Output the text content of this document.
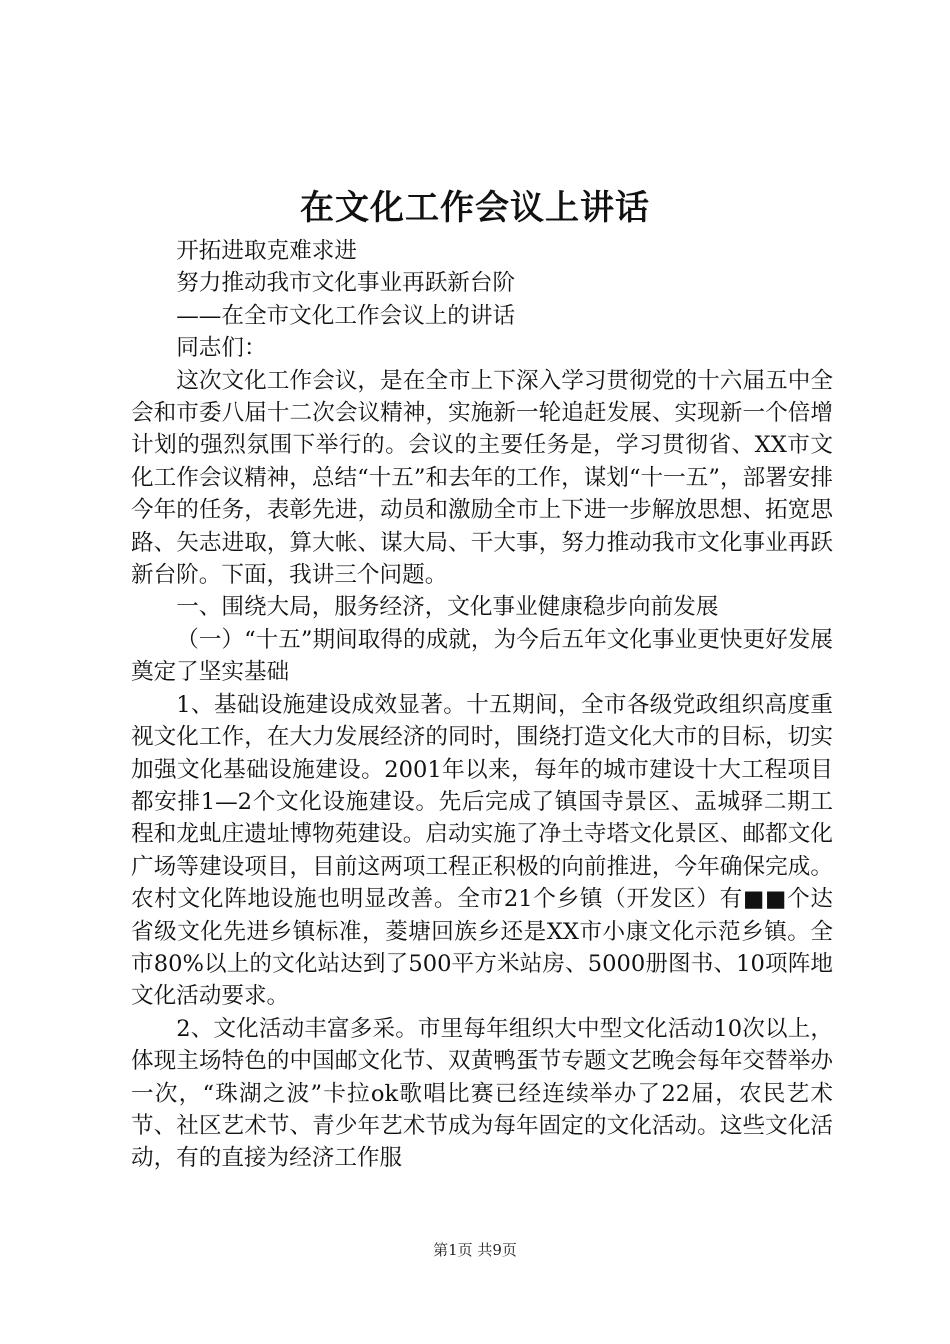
在文化工作会议上讲话

开拓进取克难求进

努力推动我市文化事业再跃新台阶

——在全市文化工作会议上的讲话

同志们：

这次文化工作会议，是在全市上下深入学习贯彻党的十六届五中全会和市委八届十二次会议精神，实施新一轮追赶发展、实现新一个倍增计划的强烈氛围下举行的。会议的主要任务是，学习贯彻省、XX市文化工作会议精神，总结“十五”和去年的工作，谋划“十一五”，部署安排今年的任务，表彰先进，动员和激励全市上下进一步解放思想、拓宽思路、矢志进取，算大帐、谋大局、干大事，努力推动我市文化事业再跃新台阶。下面，我讲三个问题。

一、围绕大局，服务经济，文化事业健康稳步向前发展

（一）“十五”期间取得的成就，为今后五年文化事业更快更好发展奠定了坚实基础

1、基础设施建设成效显著。十五期间，全市各级党政组织高度重视文化工作，在大力发展经济的同时，围绕打造文化大市的目标，切实加强文化基础设施建设。2001年以来，每年的城市建设十大工程项目都安排1—2个文化设施建设。先后完成了镇国寺景区、盂城驿二期工程和龙虬庄遗址博物苑建设。启动实施了净土寺塔文化景区、邮都文化广场等建设项目，目前这两项工程正积极的向前推进，今年确保完成。农村文化阵地设施也明显改善。全市21个乡镇（开发区）有■■个达省级文化先进乡镇标准，菱塘回族乡还是XX市小康文化示范乡镇。全市80%以上的文化站达到了500平方米站房、5000册图书、10项阵地文化活动要求。

2、文化活动丰富多采。市里每年组织大中型文化活动10次以上，体现主场特色的中国邮文化节、双黄鸭蛋节专题文艺晚会每年交替举办一次，“珠湖之波”卡拉ok歌唱比赛已经连续举办了22届，农民艺术节、社区艺术节、青少年艺术节成为每年固定的文化活动。这些文化活动，有的直接为经济工作服

第1页 共9页
